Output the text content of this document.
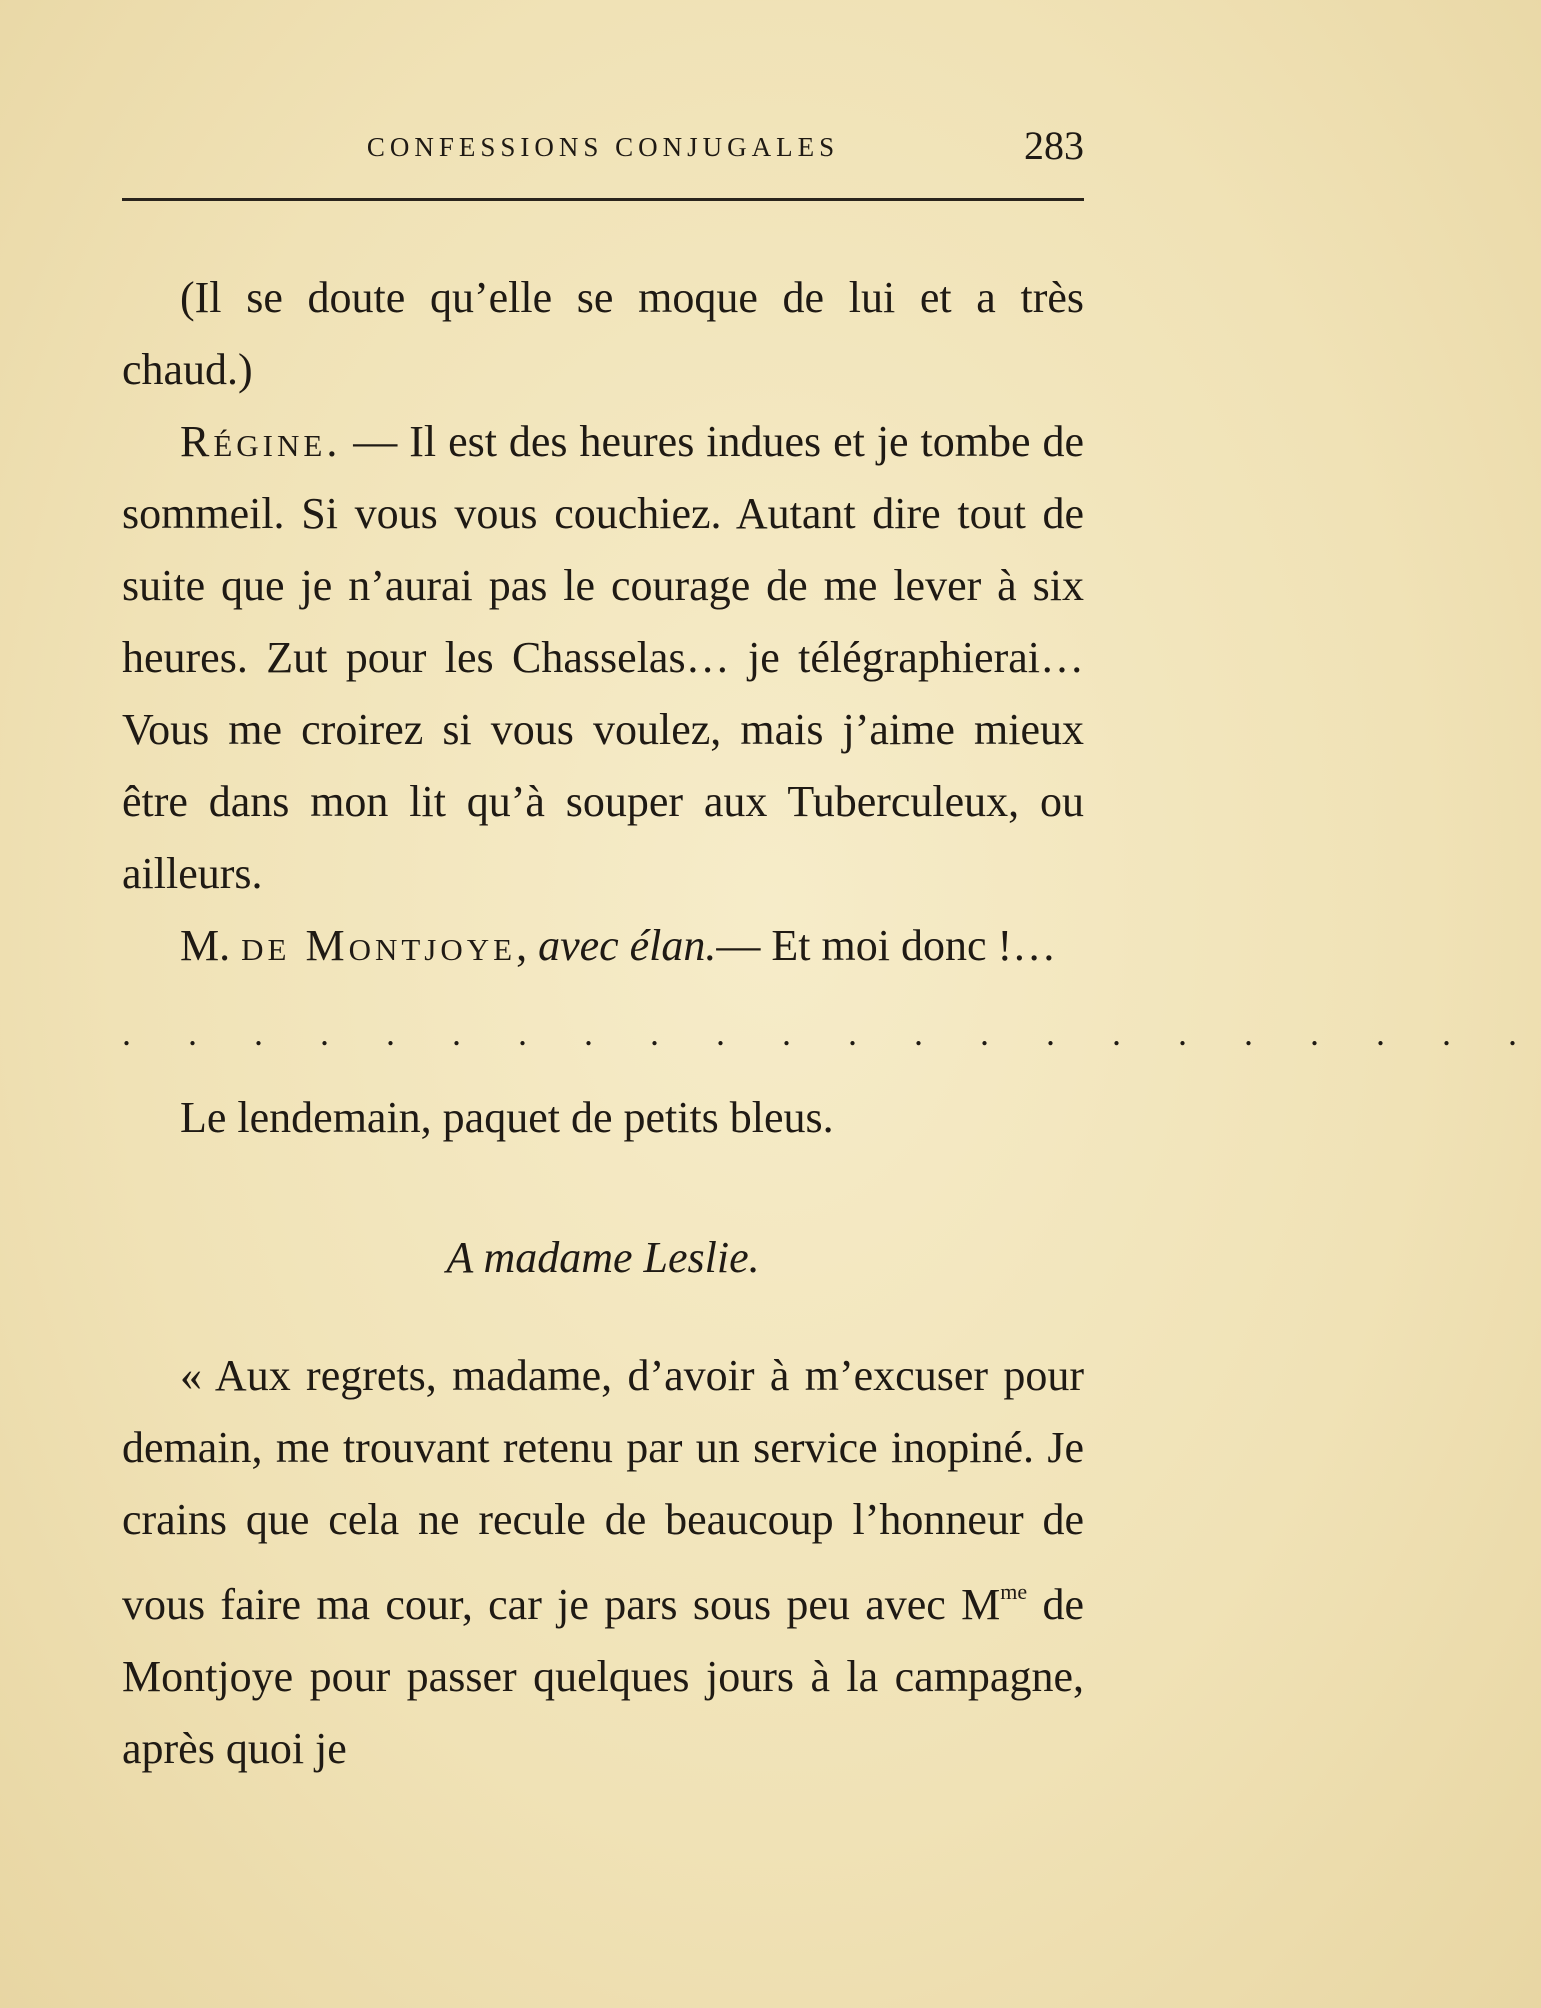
CONFESSIONS CONJUGALES	283

(Il se doute qu’elle se moque de lui et a très chaud.)

Régine. — Il est des heures indues et je tombe de sommeil. Si vous vous couchiez. Autant dire tout de suite que je n’aurai pas le courage de me lever à six heures. Zut pour les Chasselas… je télégraphierai… Vous me croirez si vous voulez, mais j’aime mieux être dans mon lit qu’à souper aux Tuberculeux, ou ailleurs.

M. de Montjoye, avec élan.— Et moi donc !…

. . . . . . . . . . . . . . . . . . . . . .

Le lendemain, paquet de petits bleus.

A madame Leslie.

« Aux regrets, madame, d’avoir à m’excuser pour demain, me trouvant retenu par un service inopiné. Je crains que cela ne recule de beaucoup l’honneur de vous faire ma cour, car je pars sous peu avec $M^{me}$ de Montjoye pour passer quelques jours à la campagne, après quoi je
